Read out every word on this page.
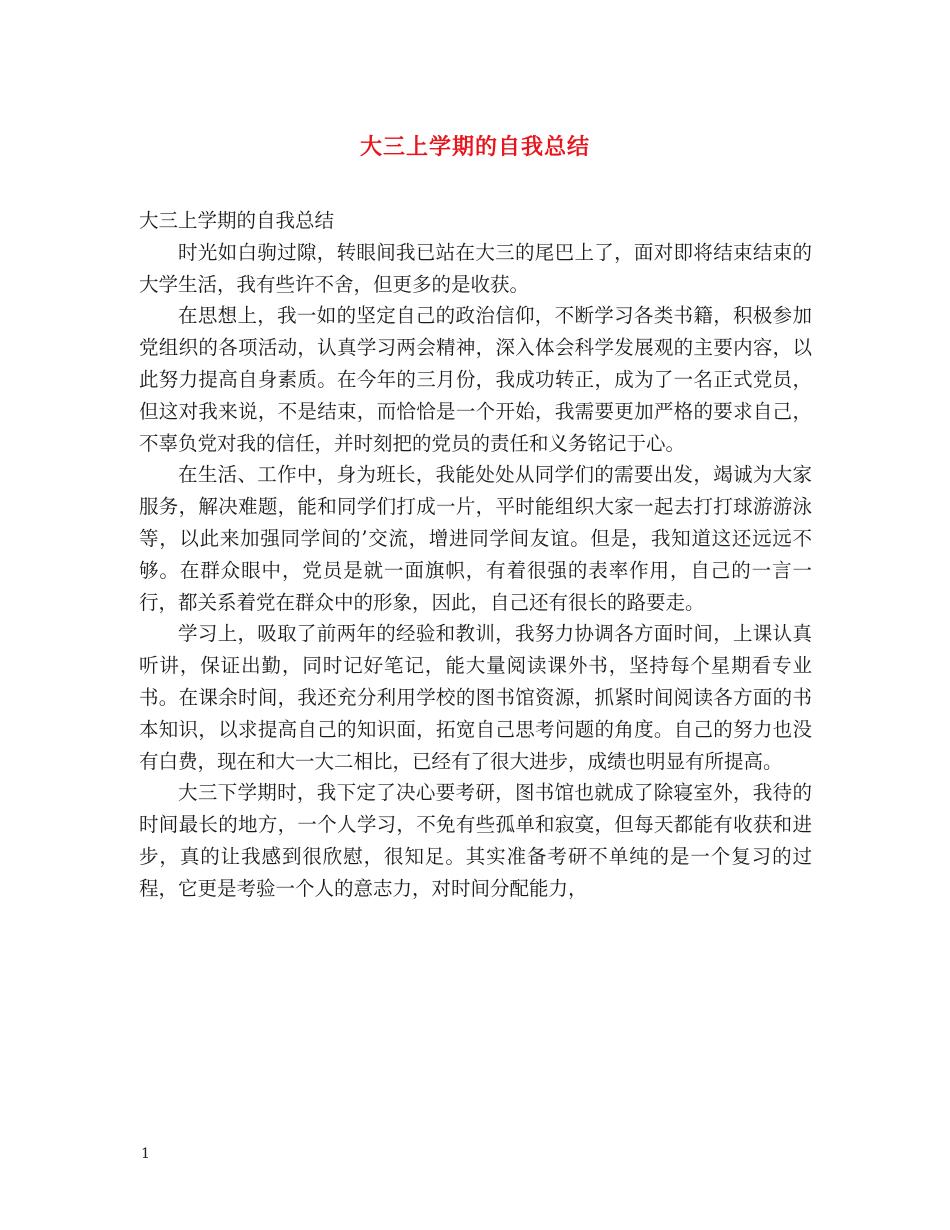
大三上学期的自我总结

大三上学期的自我总结

时光如白驹过隙，转眼间我已站在大三的尾巴上了，面对即将结束结束的大学生活，我有些许不舍，但更多的是收获。

在思想上，我一如的坚定自己的政治信仰，不断学习各类书籍，积极参加党组织的各项活动，认真学习两会精神，深入体会科学发展观的主要内容，以此努力提高自身素质。在今年的三月份，我成功转正，成为了一名正式党员，但这对我来说，不是结束，而恰恰是一个开始，我需要更加严格的要求自己，不辜负党对我的信任，并时刻把的党员的责任和义务铭记于心。

在生活、工作中，身为班长，我能处处从同学们的需要出发，竭诚为大家服务，解决难题，能和同学们打成一片，平时能组织大家一起去打打球游游泳等，以此来加强同学间的’交流，增进同学间友谊。但是，我知道这还远远不够。在群众眼中，党员是就一面旗帜，有着很强的表率作用，自己的一言一行，都关系着党在群众中的形象，因此，自己还有很长的路要走。

学习上，吸取了前两年的经验和教训，我努力协调各方面时间，上课认真听讲，保证出勤，同时记好笔记，能大量阅读课外书，坚持每个星期看专业书。在课余时间，我还充分利用学校的图书馆资源，抓紧时间阅读各方面的书本知识，以求提高自己的知识面，拓宽自己思考问题的角度。自己的努力也没有白费，现在和大一大二相比，已经有了很大进步，成绩也明显有所提高。

大三下学期时，我下定了决心要考研，图书馆也就成了除寝室外，我待的时间最长的地方，一个人学习，不免有些孤单和寂寞，但每天都能有收获和进步，真的让我感到很欣慰，很知足。其实准备考研不单纯的是一个复习的过程，它更是考验一个人的意志力，对时间分配能力，

1
